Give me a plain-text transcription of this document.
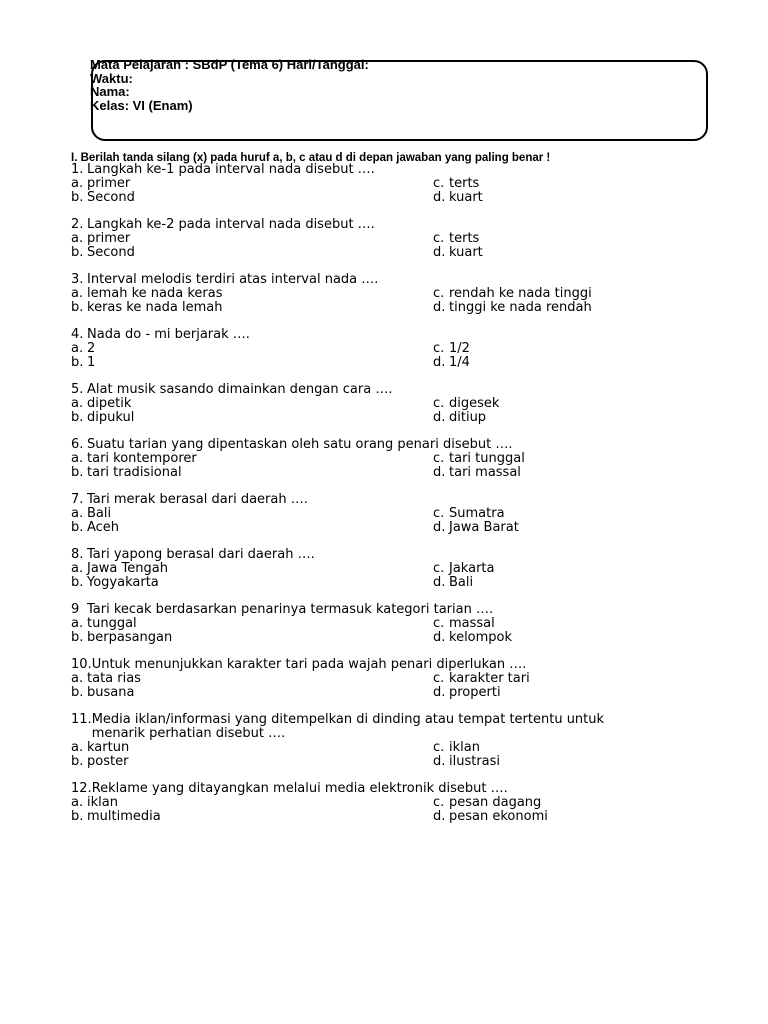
Mata Pelajaran : SBdP (Tema 6) Hari/Tanggal:
Waktu:
Nama:
Kelas: VI (Enam)
I. Berilah tanda silang (x) pada huruf a, b, c atau d di depan jawaban yang paling benar !
1. Langkah ke-1 pada interval nada disebut ….
a. primer	c. terts
b. Second	d. kuart
2. Langkah ke-2 pada interval nada disebut ….
a. primer	c. terts
b. Second	d. kuart
3. Interval melodis terdiri atas interval nada ….
a. lemah ke nada keras	c. rendah ke nada tinggi
b. keras ke nada lemah	d. tinggi ke nada rendah
4. Nada do - mi berjarak ….
a. 2	c. 1/2
b. 1	d. 1/4
5. Alat musik sasando dimainkan dengan cara ….
a. dipetik	c. digesek
b. dipukul	d. ditiup
6. Suatu tarian yang dipentaskan oleh satu orang penari disebut ….
a. tari kontemporer	c. tari tunggal
b. tari tradisional	d. tari massal
7. Tari merak berasal dari daerah ….
a. Bali	c. Sumatra
b. Aceh	d. Jawa Barat
8. Tari yapong berasal dari daerah ….
a. Jawa Tengah	c. Jakarta
b. Yogyakarta	d. Bali
9 Tari kecak berdasarkan penarinya termasuk kategori tarian ….
a. tunggal	c. massal
b. berpasangan	d. kelompok
10. Untuk menunjukkan karakter tari pada wajah penari diperlukan ….
a. tata rias	c. karakter tari
b. busana	d. properti
11. Media iklan/informasi yang ditempelkan di dinding atau tempat tertentu untuk menarik perhatian disebut ….
a. kartun	c. iklan
b. poster	d. ilustrasi
12. Reklame yang ditayangkan melalui media elektronik disebut ….
a. iklan	c. pesan dagang
b. multimedia	d. pesan ekonomi
